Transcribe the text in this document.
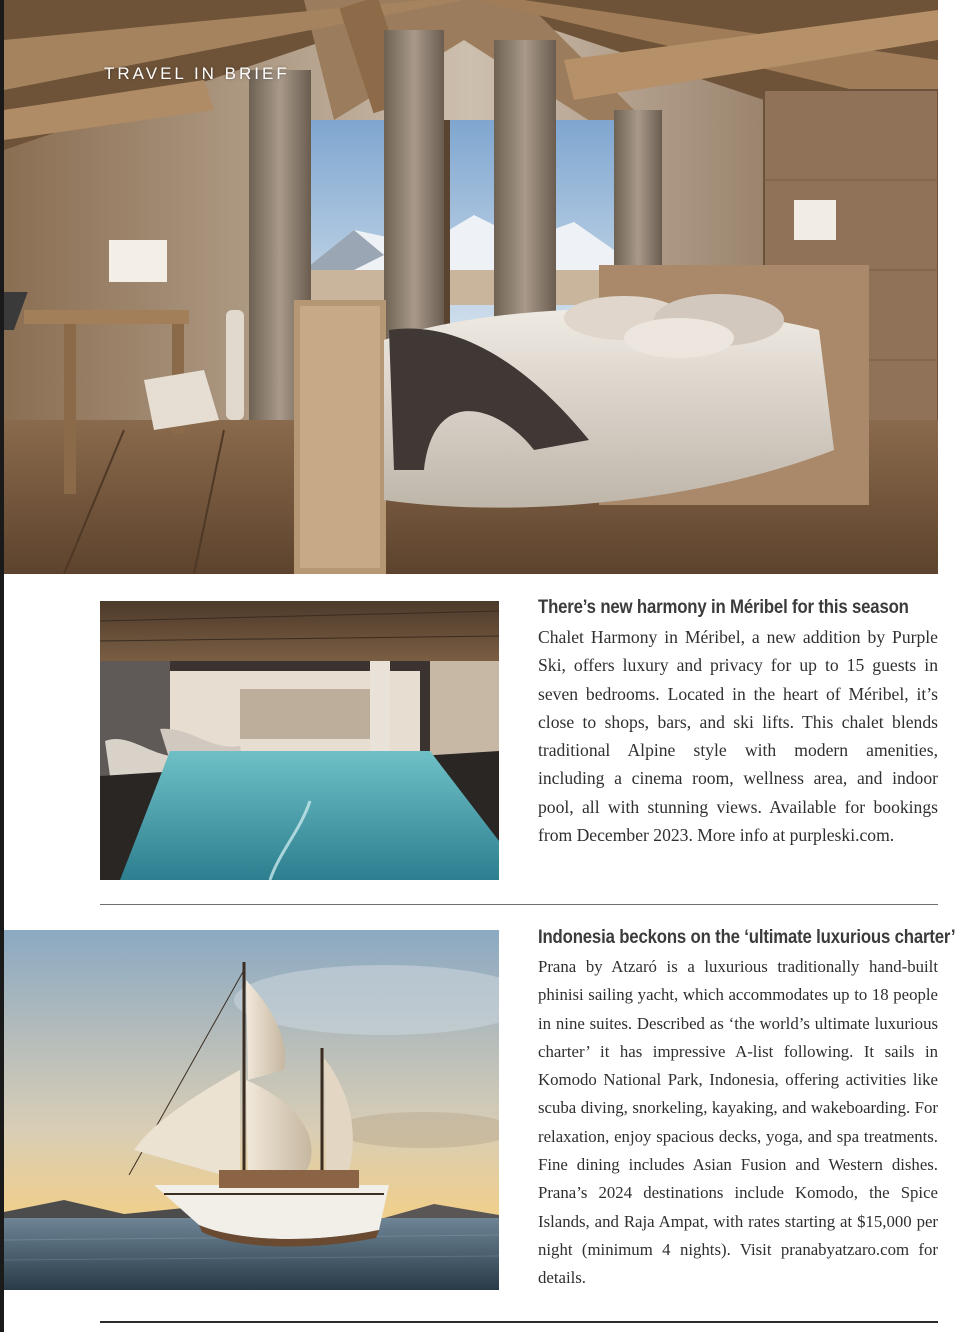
TRAVEL IN BRIEF
There’s new harmony in Méribel for this season

Chalet Harmony in Méribel, a new addition by Purple Ski, offers luxury and privacy for up to 15 guests in seven bedrooms. Located in the heart of Méribel, it’s close to shops, bars, and ski lifts. This chalet blends traditional Alpine style with modern amenities, including a cinema room, wellness area, and indoor pool, all with stunning views. Available for bookings from December 2023. More info at purpleski.com.

Indonesia beckons on the ‘ultimate luxurious charter’

Prana by Atzaró is a luxurious traditionally hand-built phinisi sailing yacht, which accommodates up to 18 people in nine suites. Described as ‘the world’s ultimate luxurious charter’ it has impressive A-list following. It sails in Komodo National Park, Indonesia, offering activities like scuba diving, snorkeling, kayaking, and wakeboarding. For relaxation, enjoy spacious decks, yoga, and spa treatments. Fine dining includes Asian Fusion and Western dishes. Prana’s 2024 destinations include Komodo, the Spice Islands, and Raja Ampat, with rates starting at $15,000 per night (minimum 4 nights). Visit pranabyatzaro.com for details.
